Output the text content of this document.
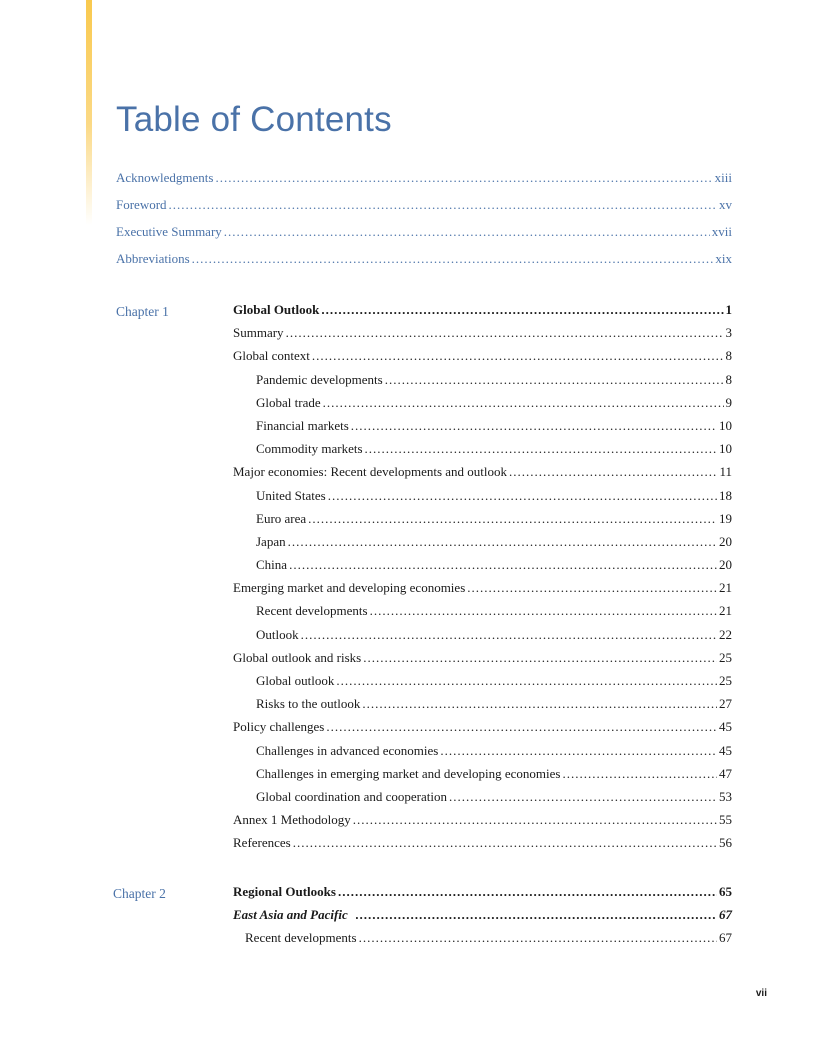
Table of Contents
Acknowledgments .....	xiii
Foreword .....	xv
Executive Summary .....	xvii
Abbreviations .....	xix
Chapter 1	Global Outlook .....	1
Summary .....	3
Global context .....	8
Pandemic developments .....	8
Global trade .....	9
Financial markets .....	10
Commodity markets .....	10
Major economies: Recent developments and outlook .....	11
United States .....	18
Euro area .....	19
Japan .....	20
China .....	20
Emerging market and developing economies .....	21
Recent developments .....	21
Outlook .....	22
Global outlook and risks .....	25
Global outlook .....	25
Risks to the outlook .....	27
Policy challenges .....	45
Challenges in advanced economies .....	45
Challenges in emerging market and developing economies .....	47
Global coordination and cooperation .....	53
Annex 1 Methodology .....	55
References .....	56
Chapter 2	Regional Outlooks .....	65
East Asia and Pacific .....	67
Recent developments .....	67
vii
